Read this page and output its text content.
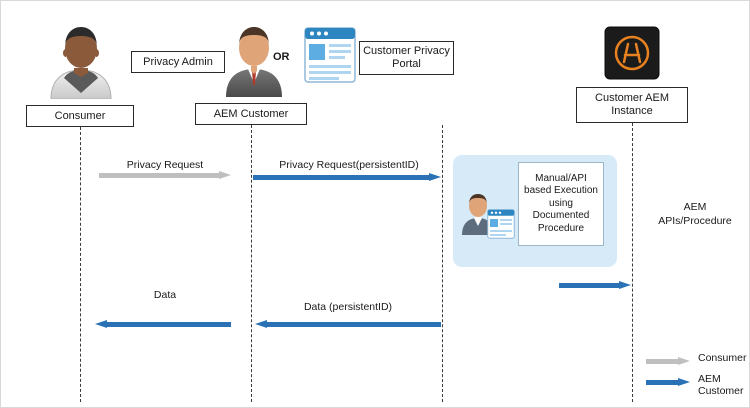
Privacy Admin	OR	Customer Privacy Portal
Consumer	AEM Customer
Customer AEM Instance
Manual/API based Execution using Documented Procedure
Privacy Request	Privacy Request(persistentID)
Data
Data (persistentID)
AEM APIs/Procedure
Consumer
AEM Customer
